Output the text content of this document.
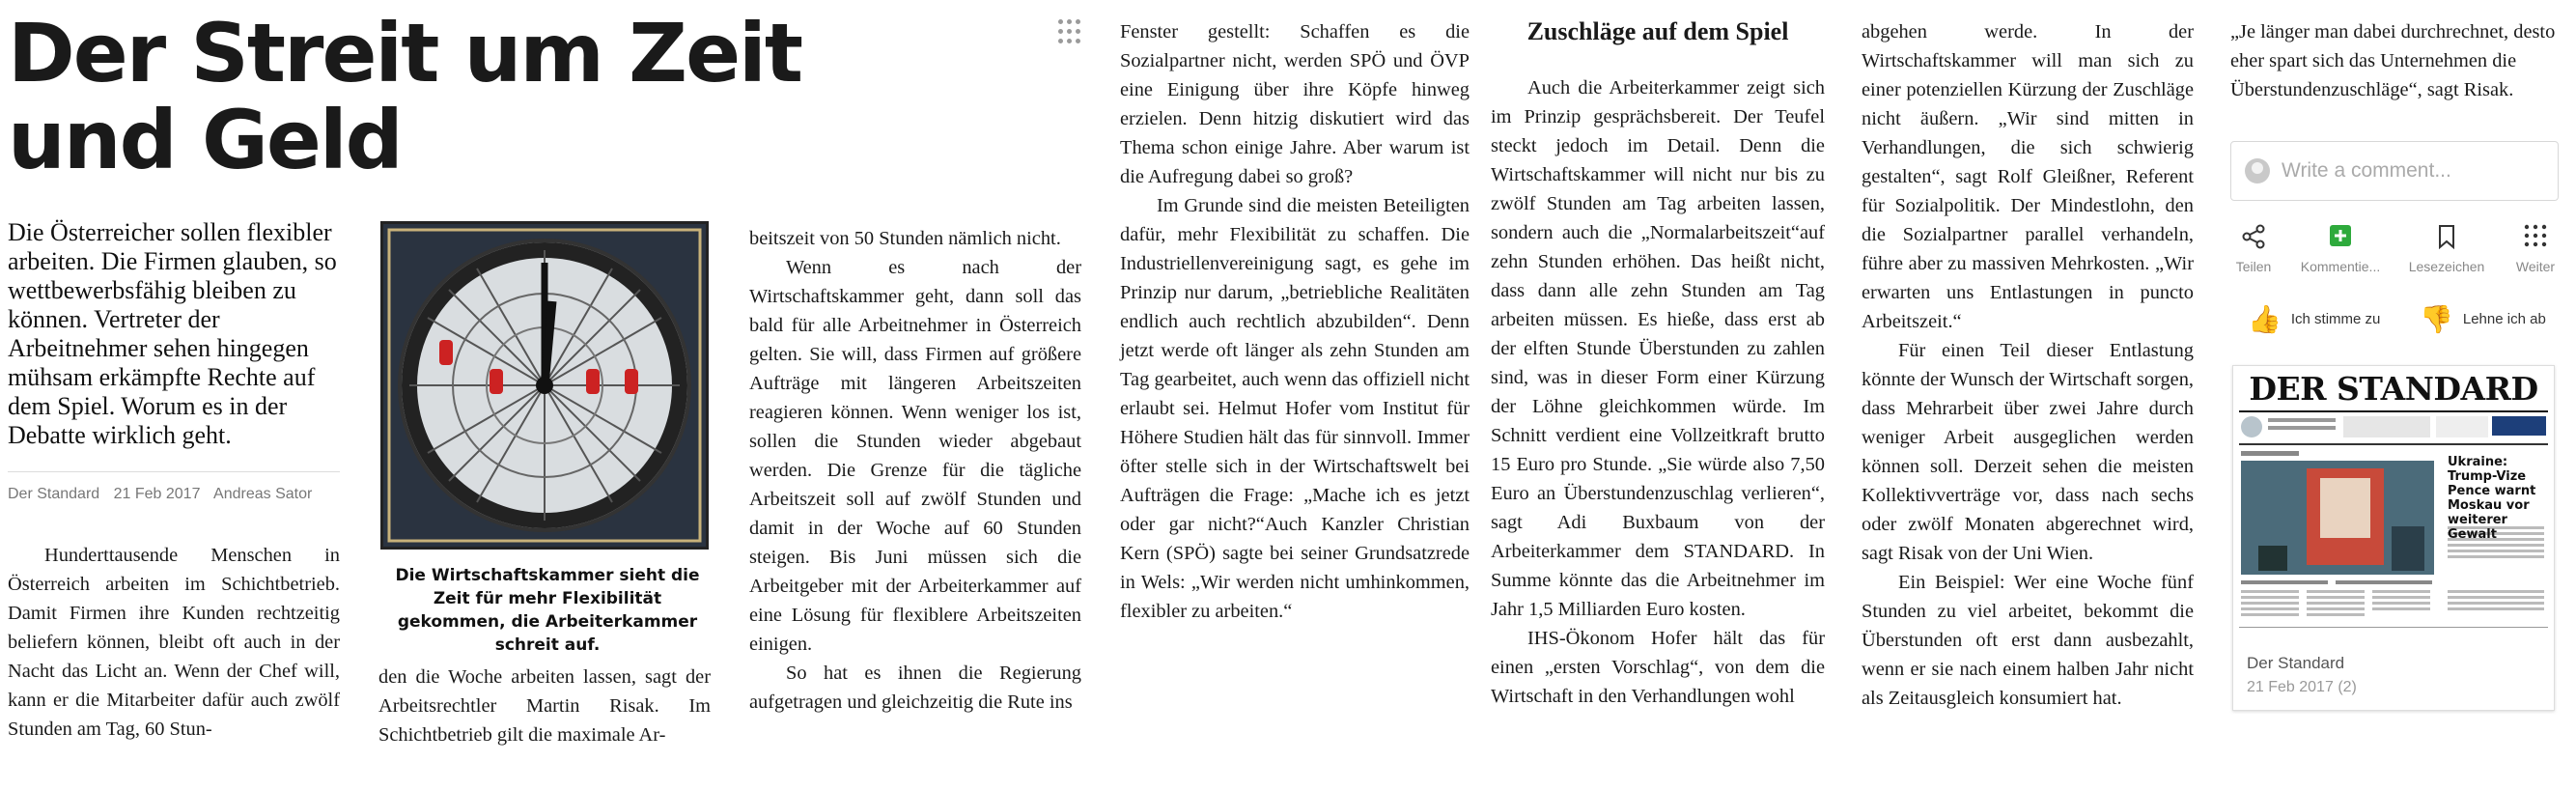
Der Streit um Zeit und Geld

Die Österreicher sollen flexibler arbeiten. Die Firmen glauben, so wettbewerbsfähig bleiben zu können. Vertreter der Arbeitnehmer sehen hingegen mühsam erkämpfte Rechte auf dem Spiel. Worum es in der Debatte wirklich geht.

Der Standard 21 Feb 2017 Andreas Sator
Die Wirtschaftskammer sieht die Zeit für mehr Flexibilität gekommen, die Arbeiterkammer schreit auf.

Hunderttausende Menschen in Österreich arbeiten im Schichtbetrieb. Damit Firmen ihre Kunden rechtzeitig beliefern können, bleibt oft auch in der Nacht das Licht an. Wenn der Chef will, kann er die Mitarbeiter dafür auch zwölf Stunden am Tag, 60 Stun-

den die Woche arbeiten lassen, sagt der Arbeitsrechtler Martin Risak. Im Schichtbetrieb gilt die maximale Ar-

beitszeit von 50 Stunden nämlich nicht.

Wenn es nach der Wirtschaftskammer geht, dann soll das bald für alle Arbeitnehmer in Österreich gelten. Sie will, dass Firmen auf größere Aufträge mit längeren Arbeitszeiten reagieren können. Wenn weniger los ist, sollen die Stunden wieder abgebaut werden. Die Grenze für die tägliche Arbeitszeit soll auf zwölf Stunden und damit in der Woche auf 60 Stunden steigen. Bis Juni müssen sich die Arbeitgeber mit der Arbeiterkammer auf eine Lösung für flexiblere Arbeitszeiten einigen.

So hat es ihnen die Regierung aufgetragen und gleichzeitig die Rute ins

Fenster gestellt: Schaffen es die Sozialpartner nicht, werden SPÖ und ÖVP eine Einigung über ihre Köpfe hinweg erzielen. Denn hitzig diskutiert wird das Thema schon einige Jahre. Aber warum ist die Aufregung dabei so groß?

Im Grunde sind die meisten Beteiligten dafür, mehr Flexibilität zu schaffen. Die Industriellenvereinigung sagt, es gehe im Prinzip nur darum, „betriebliche Realitäten endlich auch rechtlich abzubilden“. Denn jetzt werde oft länger als zehn Stunden am Tag gearbeitet, auch wenn das offiziell nicht erlaubt sei. Helmut Hofer vom Institut für Höhere Studien hält das für sinnvoll. Immer öfter stelle sich in der Wirtschaftswelt bei Aufträgen die Frage: „Mache ich es jetzt oder gar nicht?“Auch Kanzler Christian Kern (SPÖ) sagte bei seiner Grundsatzrede in Wels: „Wir werden nicht umhinkommen, flexibler zu arbeiten.“

Zuschläge auf dem Spiel

Auch die Arbeiterkammer zeigt sich im Prinzip gesprächsbereit. Der Teufel steckt jedoch im Detail. Denn die Wirtschaftskammer will nicht nur bis zu zwölf Stunden am Tag arbeiten lassen, sondern auch die „Normalarbeitszeit“auf zehn Stunden erhöhen. Das heißt nicht, dass dann alle zehn Stunden am Tag arbeiten müssen. Es hieße, dass erst ab der elften Stunde Überstunden zu zahlen sind, was in dieser Form einer Kürzung der Löhne gleichkommen würde. Im Schnitt verdient eine Vollzeitkraft brutto 15 Euro pro Stunde. „Sie würde also 7,50 Euro an Überstundenzuschlag verlieren“, sagt Adi Buxbaum von der Arbeiterkammer dem STANDARD. In Summe könnte das die Arbeitnehmer im Jahr 1,5 Milliarden Euro kosten.

IHS-Ökonom Hofer hält das für einen „ersten Vorschlag“, von dem die Wirtschaft in den Verhandlungen wohl

abgehen werde. In der Wirtschaftskammer will man sich zu einer potenziellen Kürzung der Zuschläge nicht äußern. „Wir sind mitten in Verhandlungen, die sich schwierig gestalten“, sagt Rolf Gleißner, Referent für Sozialpolitik. Der Mindestlohn, den die Sozialpartner parallel verhandeln, führe aber zu massiven Mehrkosten. „Wir erwarten uns Entlastungen in puncto Arbeitszeit.“

Für einen Teil dieser Entlastung könnte der Wunsch der Wirtschaft sorgen, dass Mehrarbeit über zwei Jahre durch weniger Arbeit ausgeglichen werden können soll. Derzeit sehen die meisten Kollektivverträge vor, dass nach sechs oder zwölf Monaten abgerechnet wird, sagt Risak von der Uni Wien.

Ein Beispiel: Wer eine Woche fünf Stunden zu viel arbeitet, bekommt die Überstunden oft erst dann ausbezahlt, wenn er sie nach einem halben Jahr nicht als Zeitausgleich konsumiert hat.

„Je länger man dabei durchrechnet, desto eher spart sich das Unternehmen die Überstundenzuschläge“, sagt Risak.

Write a comment...
Teilen	Kommentie...	Lesezeichen	Weiter
👍 Ich stimme zu 👎 Lehne ich ab
DER STANDARD
Ukraine: Trump-Vize Pence warnt Moskau vor weiterer Gewalt
Der Standard
21 Feb 2017 (2)
